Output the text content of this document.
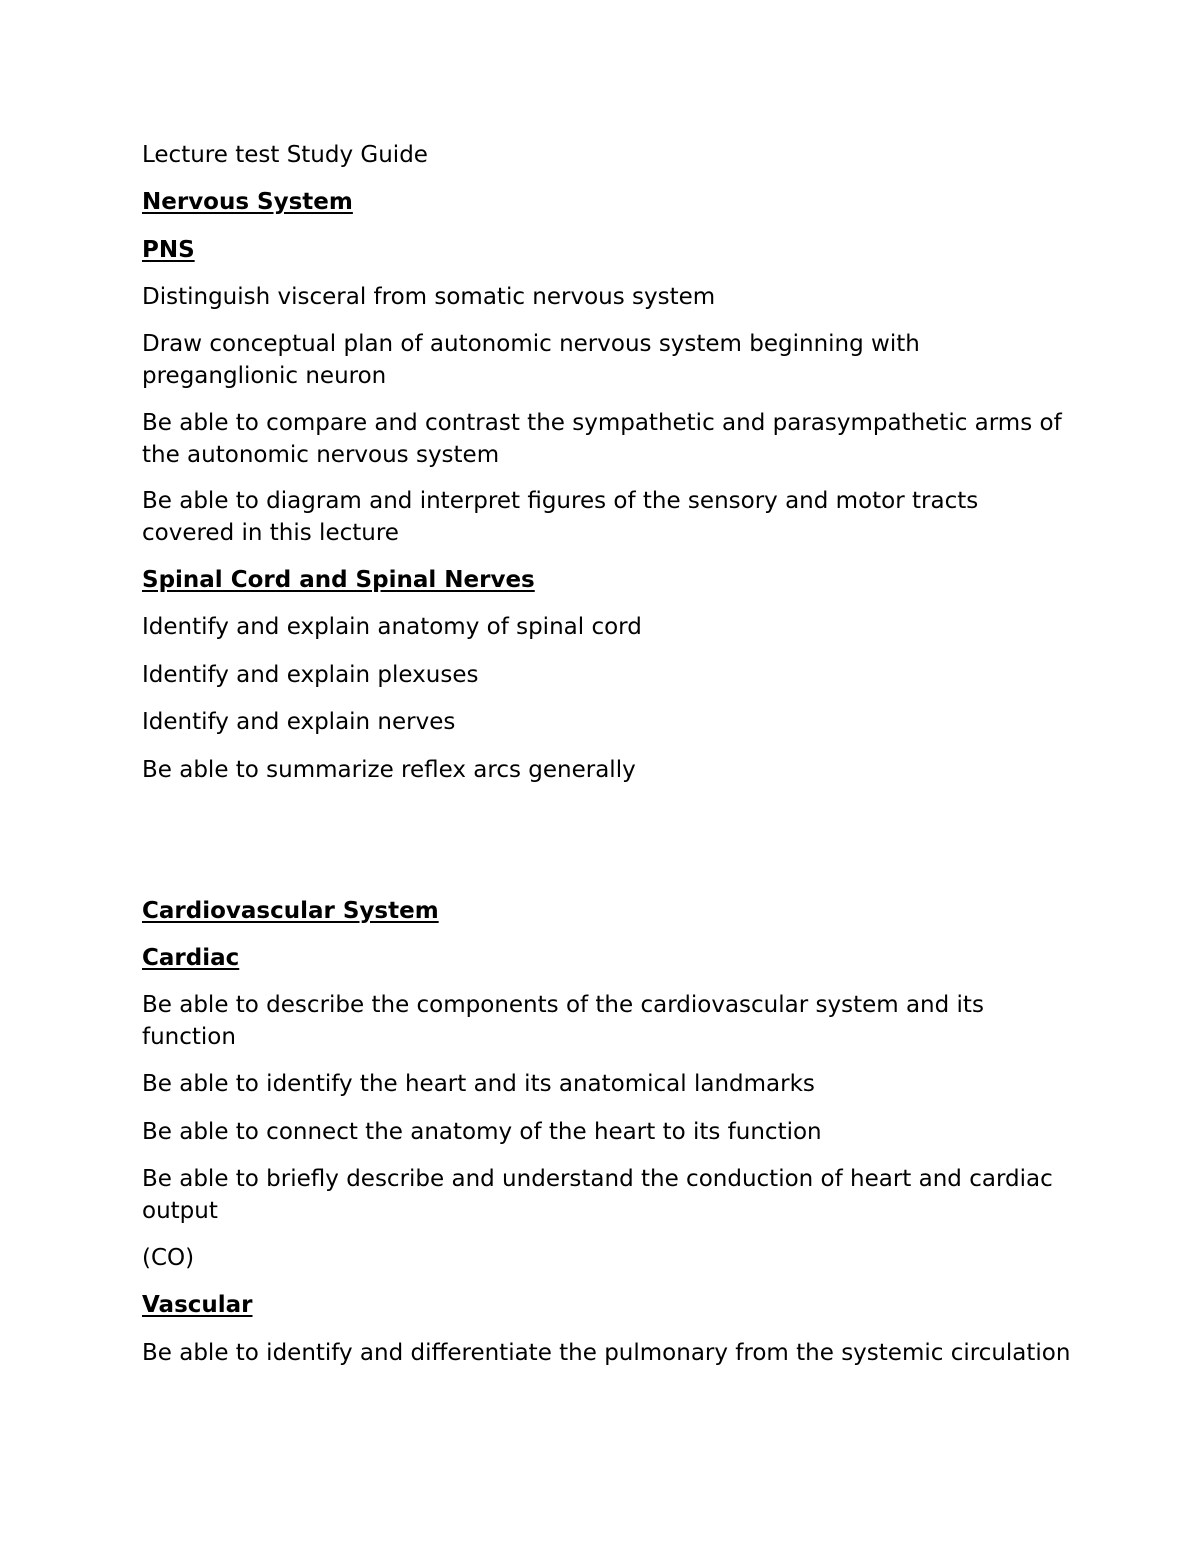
Lecture test Study Guide

Nervous System

PNS

Distinguish visceral from somatic nervous system

Draw conceptual plan of autonomic nervous system beginning with preganglionic neuron

Be able to compare and contrast the sympathetic and parasympathetic arms of the autonomic nervous system

Be able to diagram and interpret figures of the sensory and motor tracts covered in this lecture

Spinal Cord and Spinal Nerves

Identify and explain anatomy of spinal cord

Identify and explain plexuses

Identify and explain nerves

Be able to summarize reflex arcs generally

Cardiovascular System

Cardiac

Be able to describe the components of the cardiovascular system and its function

Be able to identify the heart and its anatomical landmarks

Be able to connect the anatomy of the heart to its function

Be able to briefly describe and understand the conduction of heart and cardiac output

(CO)

Vascular

Be able to identify and differentiate the pulmonary from the systemic circulation
